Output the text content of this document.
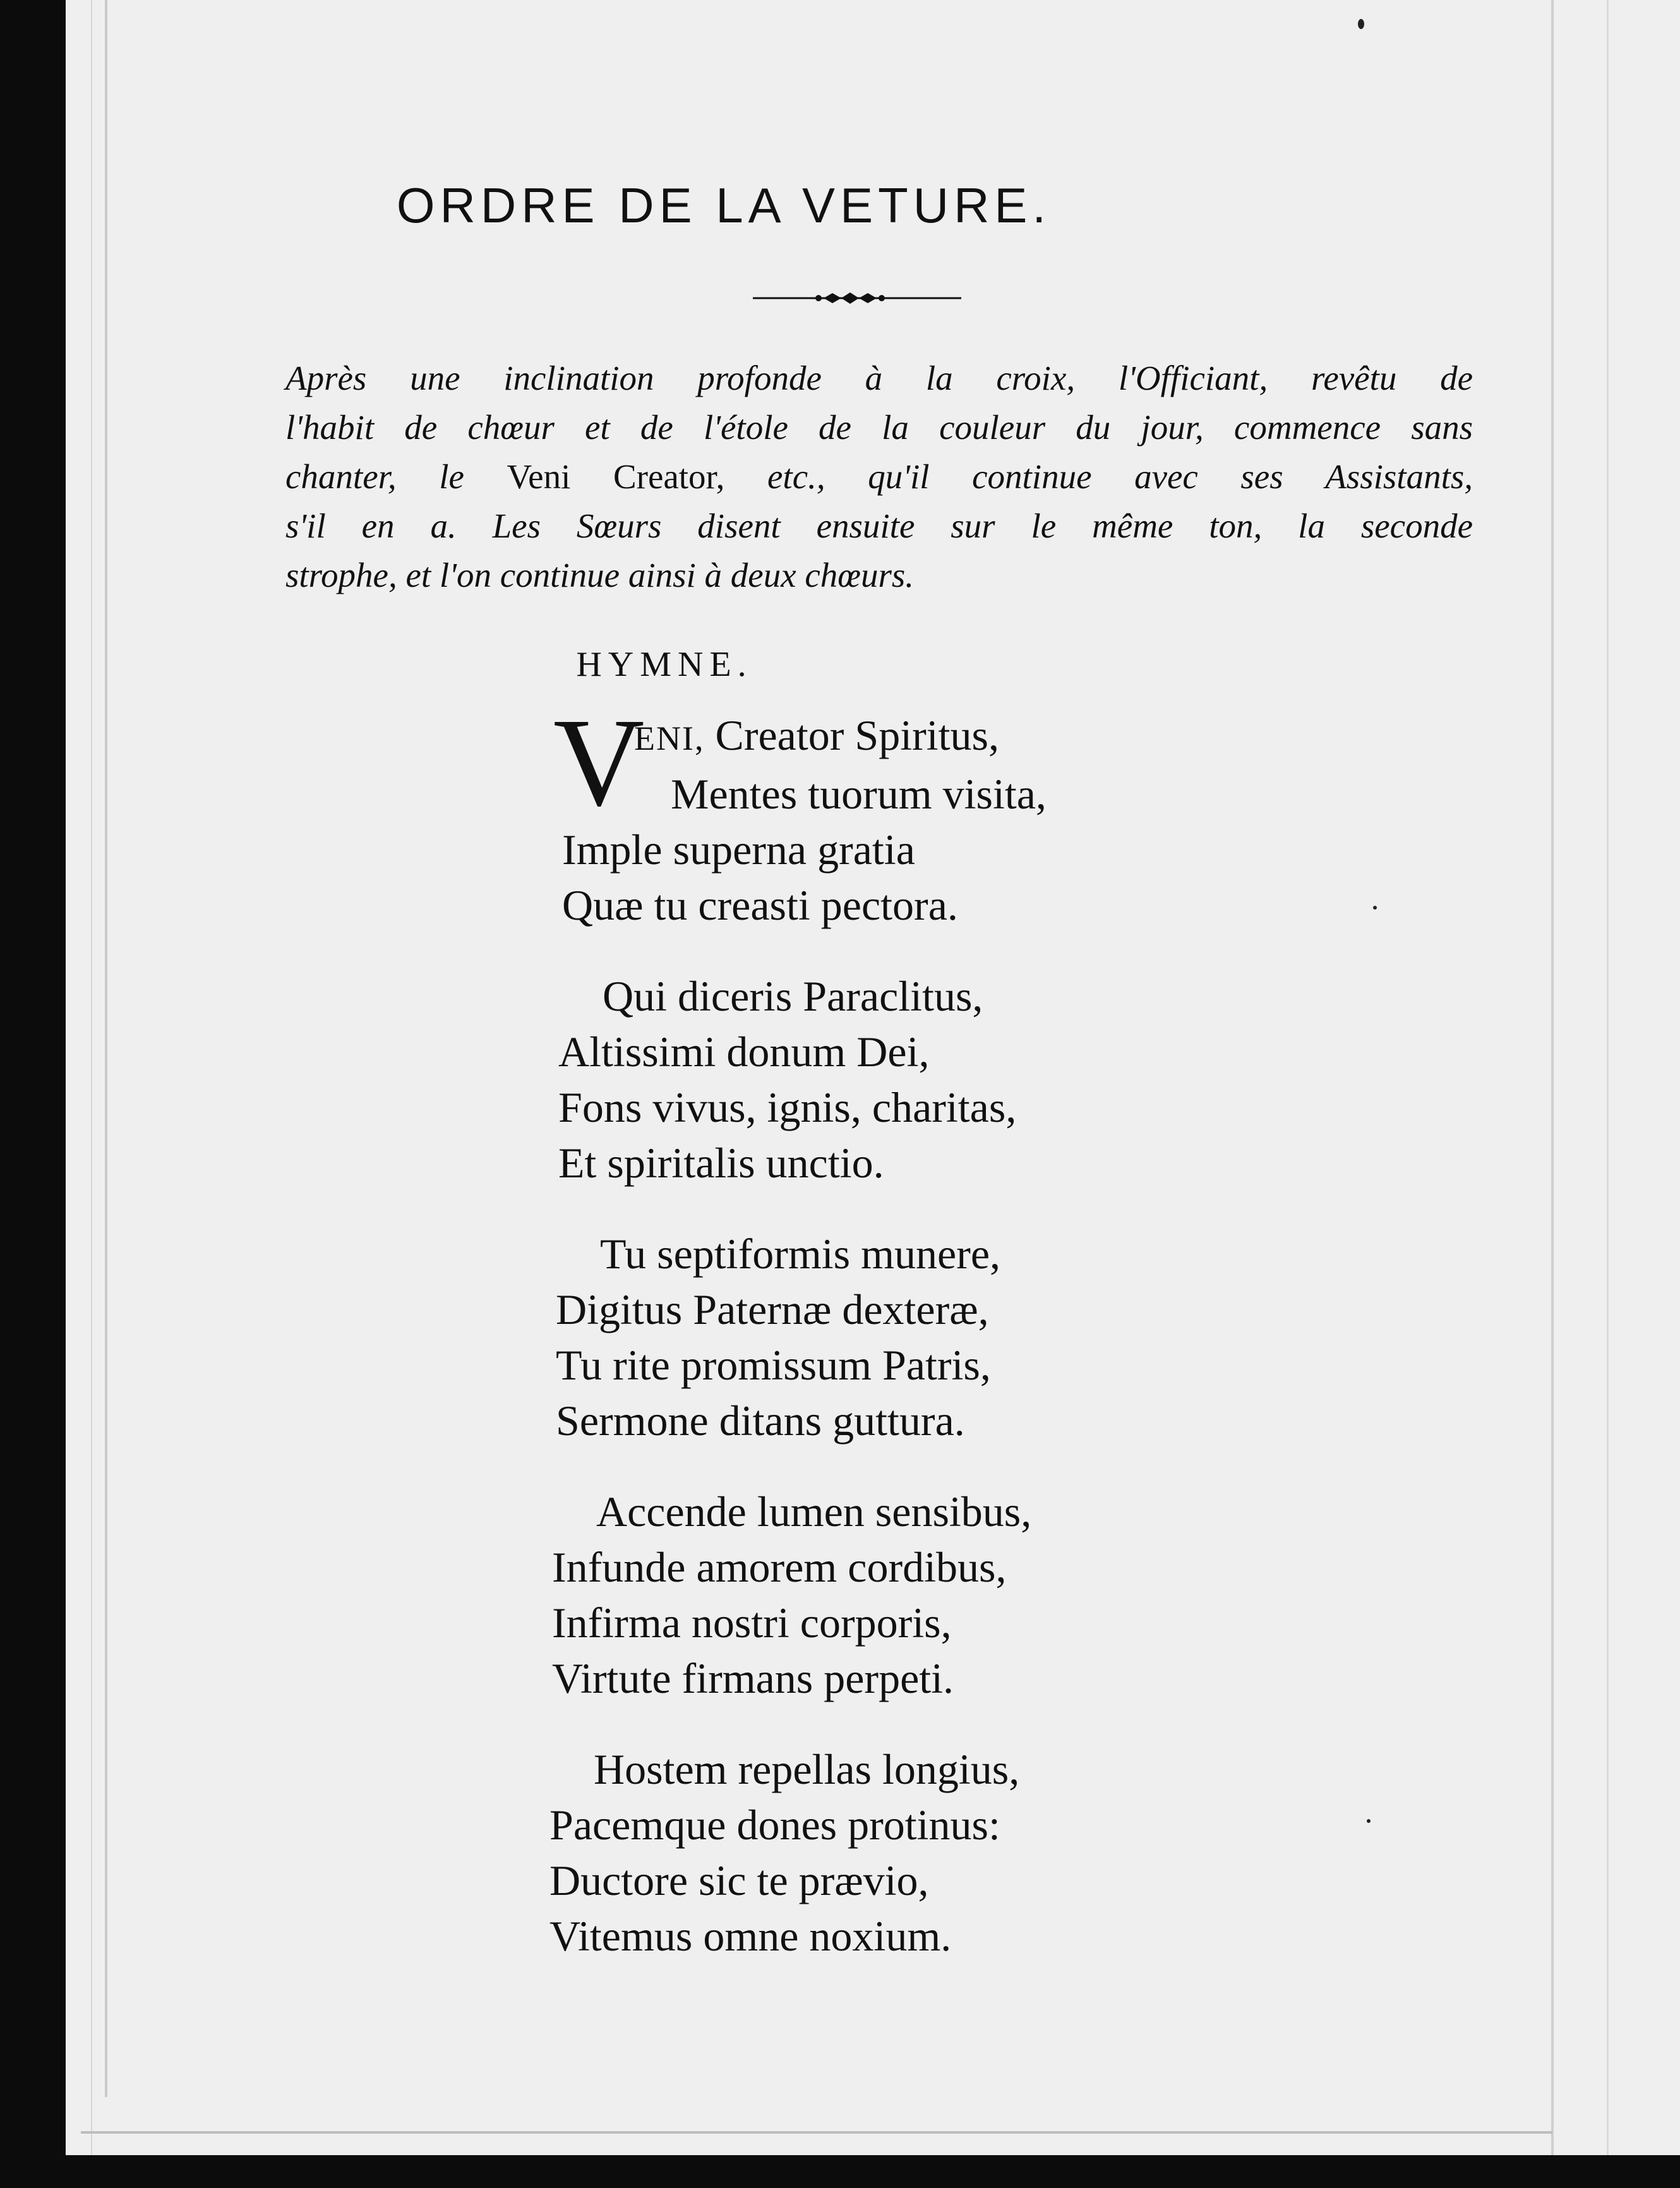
ORDRE DE LA VETURE.
Après une inclination profonde à la croix, l'Officiant, revêtu de
l'habit de chœur et de l'étole de la couleur du jour, commence sans
chanter, le Veni Creator, etc., qu'il continue avec ses Assistants,
s'il en a. Les Sœurs disent ensuite sur le même ton, la seconde
strophe, et l'on continue ainsi à deux chœurs.
HYMNE.
V
ENI, Creator Spiritus,
Mentes tuorum visita,
Imple superna gratia
Quæ tu creasti pectora.
Qui diceris Paraclitus,
Altissimi donum Dei,
Fons vivus, ignis, charitas,
Et spiritalis unctio.
Tu septiformis munere,
Digitus Paternæ dexteræ,
Tu rite promissum Patris,
Sermone ditans guttura.
Accende lumen sensibus,
Infunde amorem cordibus,
Infirma nostri corporis,
Virtute firmans perpeti.
Hostem repellas longius,
Pacemque dones protinus:
Ductore sic te prævio,
Vitemus omne noxium.
